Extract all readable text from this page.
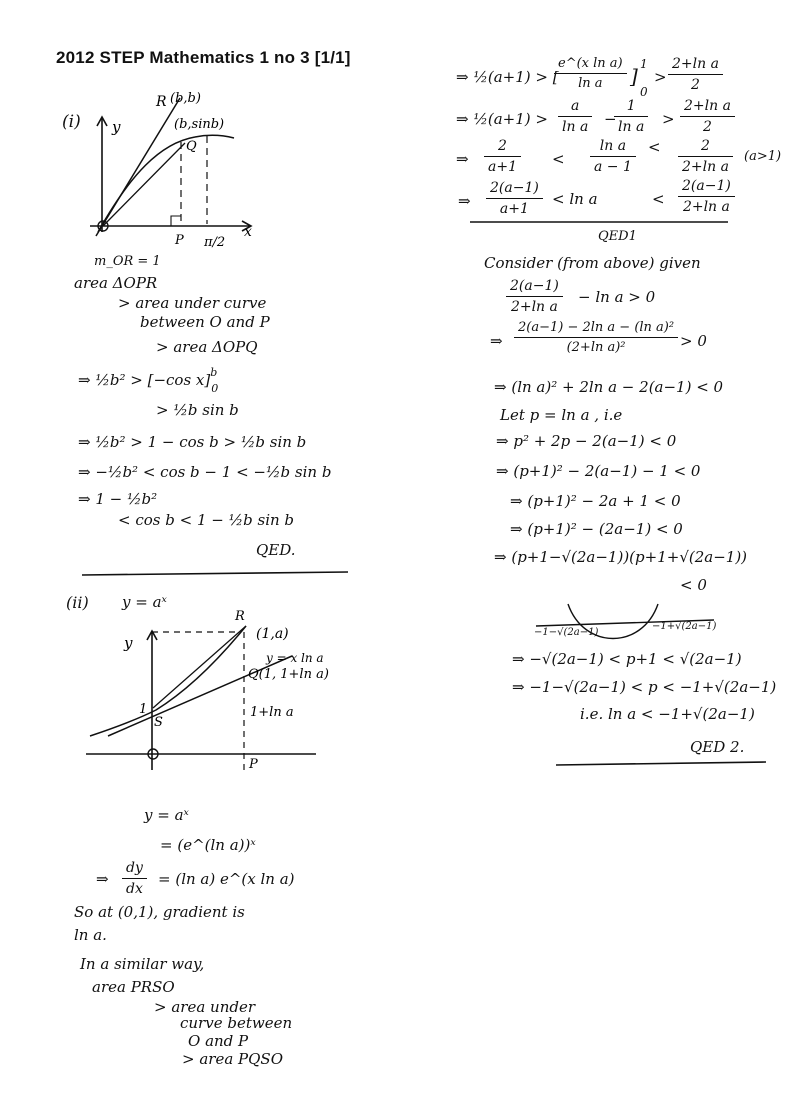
2012 STEP Mathematics 1 no 3 [1/1]
(i) y
x
R (b,b)
(b,sinb)
Q
P π/2
y
R
(1,a)
y = x ln a
Q(1, 1+ln a)
1
S
1+ln a
P
m_OR = 1
area ΔOPR
> area under curve
between O and P
> area ΔOPQ
⇒ ½b² > [−cos x]$^b_0$
> ½b sin b
⇒ ½b² > 1 − cos b > ½b sin b
⇒ −½b² < cos b − 1 < −½b sin b
⇒ 1 − ½b²
< cos b < 1 − ½b sin b
QED.
(ii) y = aˣ
y = aˣ
= (e^(ln a))ˣ
⇒ $\frac{dy}{dx} = (\ln$ a) e^(x ln a)
So at (0,1), gradient is
ln a.
In a similar way,
area PRSO
> area under
curve between
O and P
> area PQSO
⇒ ½(a+1) > [
$\frac{\text{e\textasciicircum{}(x ln a)}}{\text{ln a}}$ ] 1
0
> $\frac{\text{2+ln a}}{2}$
⇒ ½(a+1) > $\frac{a}{\text{ln a}}$ −
$\frac{1}{\text{ln a}} > \frac{\text{2+ln a}}{2}$
⇒ $\frac{2}{a+1} < \frac{\text{ln a}}{a - 1} < \frac{2}{\text{2+ln a}} (a>1)$
⇒ $\frac{2(a-1)}{a+1} < \ln a$	< $\frac{2(a-1)}{\text{2+ln a}}$
QED1
Consider (from above) given
$\frac{2(a-1)}{\text{2+ln a}} - \ln a > 0$
⇒ $\frac{\text{2(a−1) − 2ln a − (ln a)²}}{\text{(2+ln a)²}} > 0$
⇒ (ln a)² + 2ln a − 2(a−1) < 0
Let p = ln a , i.e
⇒ p² + 2p − 2(a−1) < 0
⇒ (p+1)² − 2(a−1) − 1 < 0
⇒ (p+1)² − 2a + 1 < 0
⇒ (p+1)² − (2a−1) < 0
⇒ (p+1−√(2a−1))(p+1+√(2a−1))
< 0
−1−√(2a−1)
−1+√(2a−1)
⇒ −√(2a−1) < p+1 < √(2a−1)
⇒ −1−√(2a−1) < p < −1+√(2a−1)
i.e. ln a < −1+√(2a−1)
QED 2.
